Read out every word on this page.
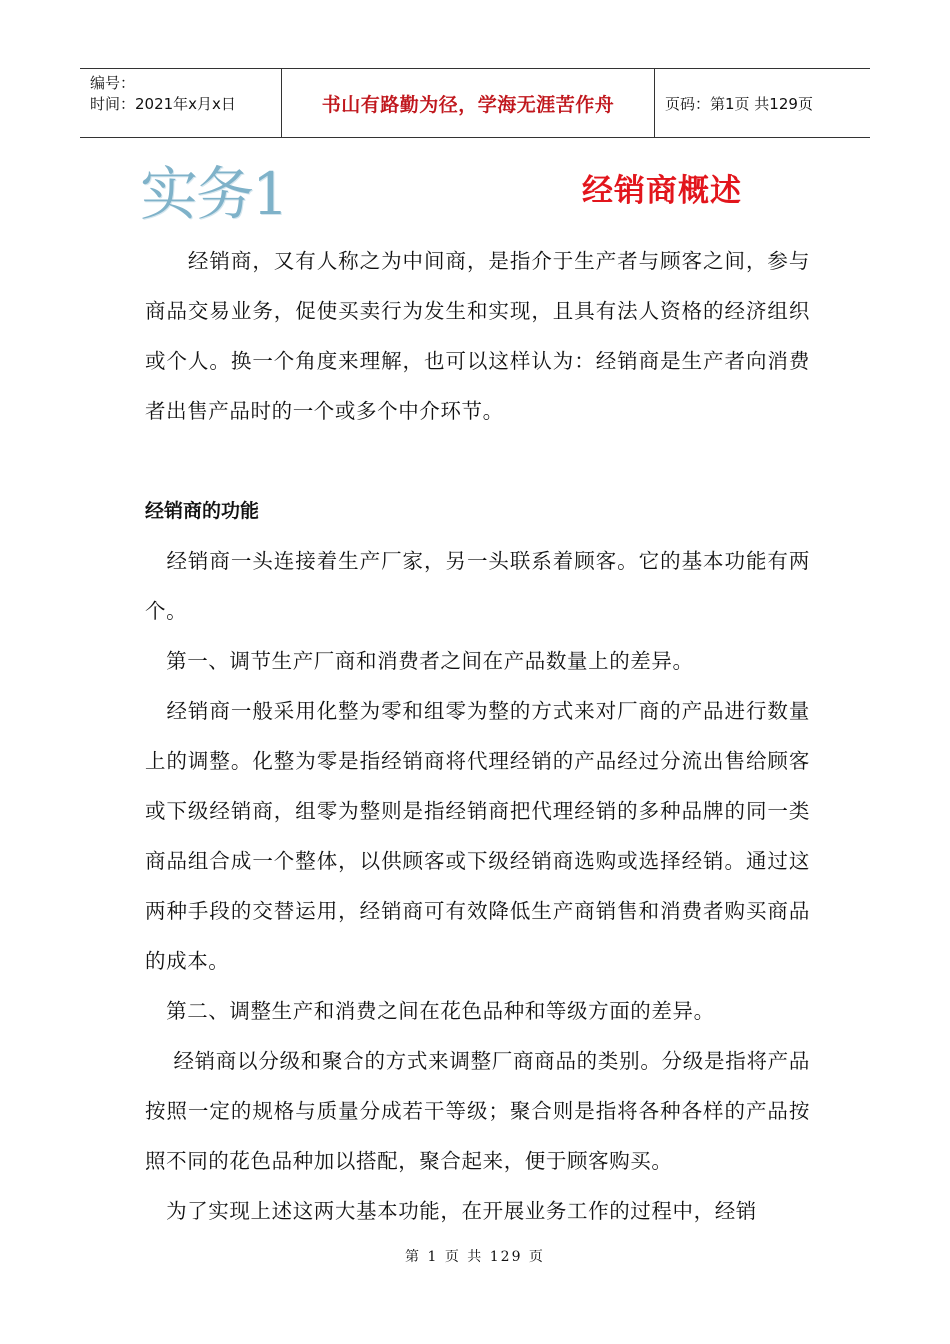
编号：
时间：2021年x月x日	书山有路勤为径，学海无涯苦作舟	页码：第1页 共129页
实务1	经销商概述

　　经销商，又有人称之为中间商，是指介于生产者与顾客之间，参与商品交易业务，促使买卖行为发生和实现，且具有法人资格的经济组织或个人。换一个角度来理解，也可以这样认为：经销商是生产者向消费者出售产品时的一个或多个中介环节。

经销商的功能

　经销商一头连接着生产厂家，另一头联系着顾客。它的基本功能有两个。

　第一、调节生产厂商和消费者之间在产品数量上的差异。

　经销商一般采用化整为零和组零为整的方式来对厂商的产品进行数量上的调整。化整为零是指经销商将代理经销的产品经过分流出售给顾客或下级经销商，组零为整则是指经销商把代理经销的多种品牌的同一类商品组合成一个整体，以供顾客或下级经销商选购或选择经销。通过这两种手段的交替运用，经销商可有效降低生产商销售和消费者购买商品的成本。

　第二、调整生产和消费之间在花色品种和等级方面的差异。

　 经销商以分级和聚合的方式来调整厂商商品的类别。分级是指将产品按照一定的规格与质量分成若干等级；聚合则是指将各种各样的产品按照不同的花色品种加以搭配，聚合起来，便于顾客购买。

　为了实现上述这两大基本功能，在开展业务工作的过程中，经销

第 1 页 共 129 页
